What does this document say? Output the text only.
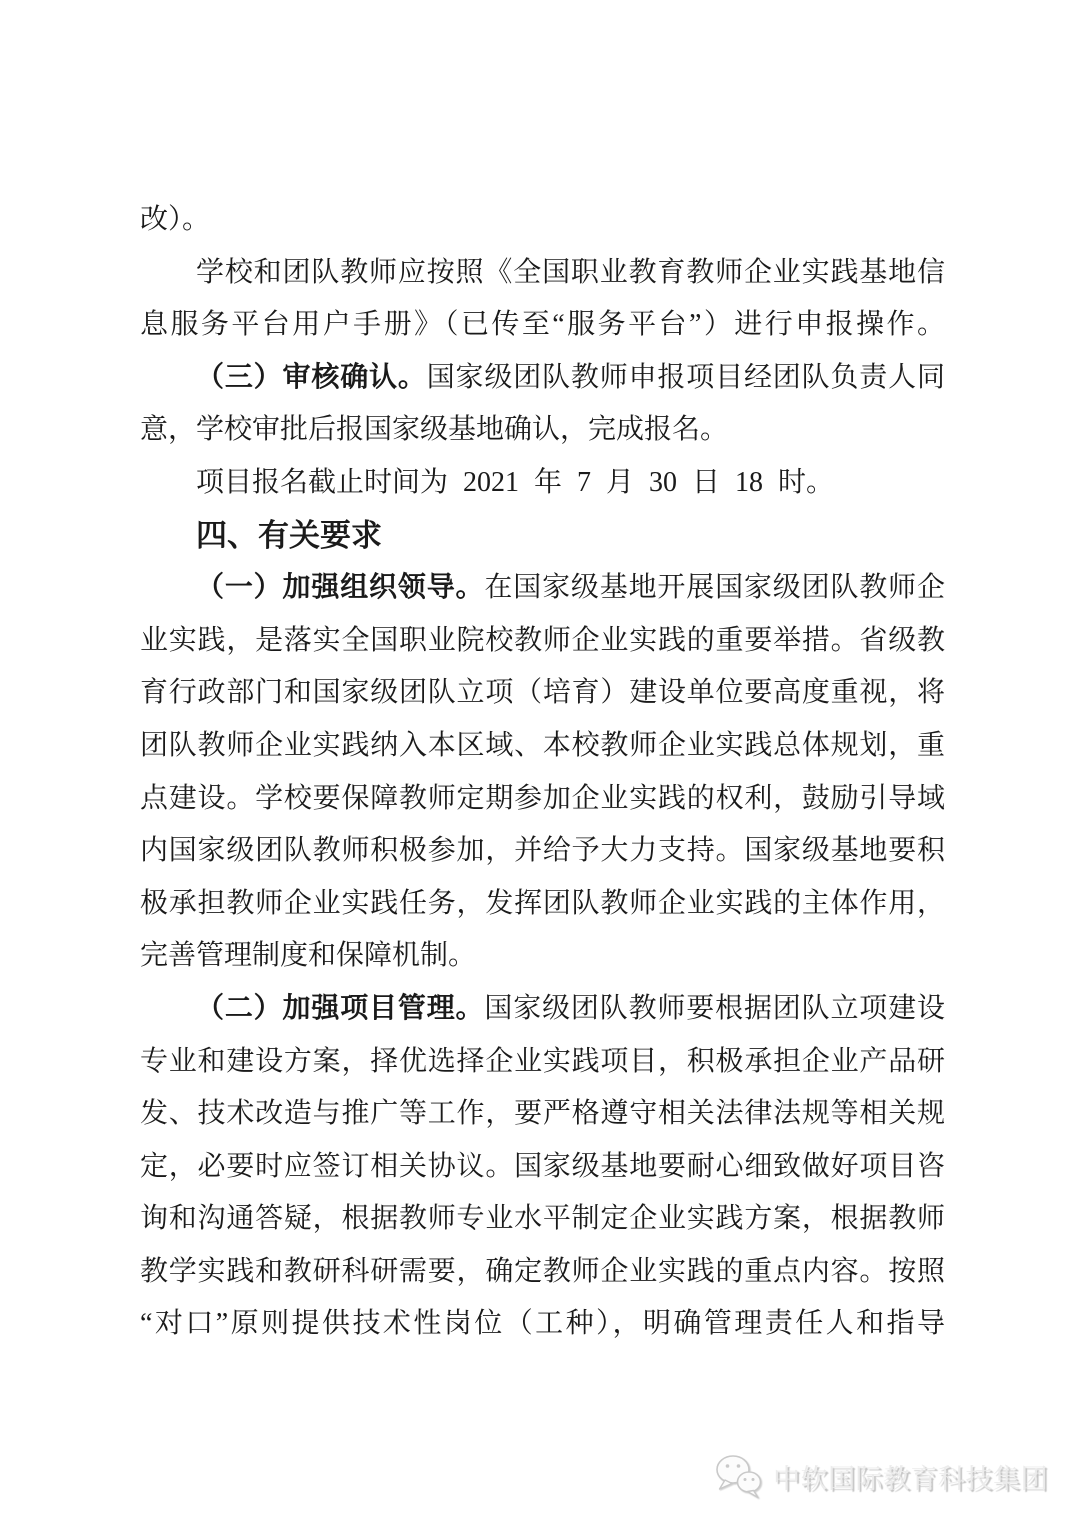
改）。
学校和团队教师应按照《全国职业教育教师企业实践基地信
息服务平台用户手册》（已传至“服务平台”）进行申报操作。
（三）审核确认。国家级团队教师申报项目经团队负责人同
意，学校审批后报国家级基地确认，完成报名。
项目报名截止时间为 2021 年 7 月 30 日 18 时。
四、有关要求
（一）加强组织领导。在国家级基地开展国家级团队教师企
业实践，是落实全国职业院校教师企业实践的重要举措。省级教
育行政部门和国家级团队立项（培育）建设单位要高度重视，将
团队教师企业实践纳入本区域、本校教师企业实践总体规划，重
点建设。学校要保障教师定期参加企业实践的权利，鼓励引导域
内国家级团队教师积极参加，并给予大力支持。国家级基地要积
极承担教师企业实践任务，发挥团队教师企业实践的主体作用，
完善管理制度和保障机制。
（二）加强项目管理。国家级团队教师要根据团队立项建设
专业和建设方案，择优选择企业实践项目，积极承担企业产品研
发、技术改造与推广等工作，要严格遵守相关法律法规等相关规
定，必要时应签订相关协议。国家级基地要耐心细致做好项目咨
询和沟通答疑，根据教师专业水平制定企业实践方案，根据教师
教学实践和教研科研需要，确定教师企业实践的重点内容。按照
“对口”原则提供技术性岗位（工种），明确管理责任人和指导
中软国际教育科技集团
